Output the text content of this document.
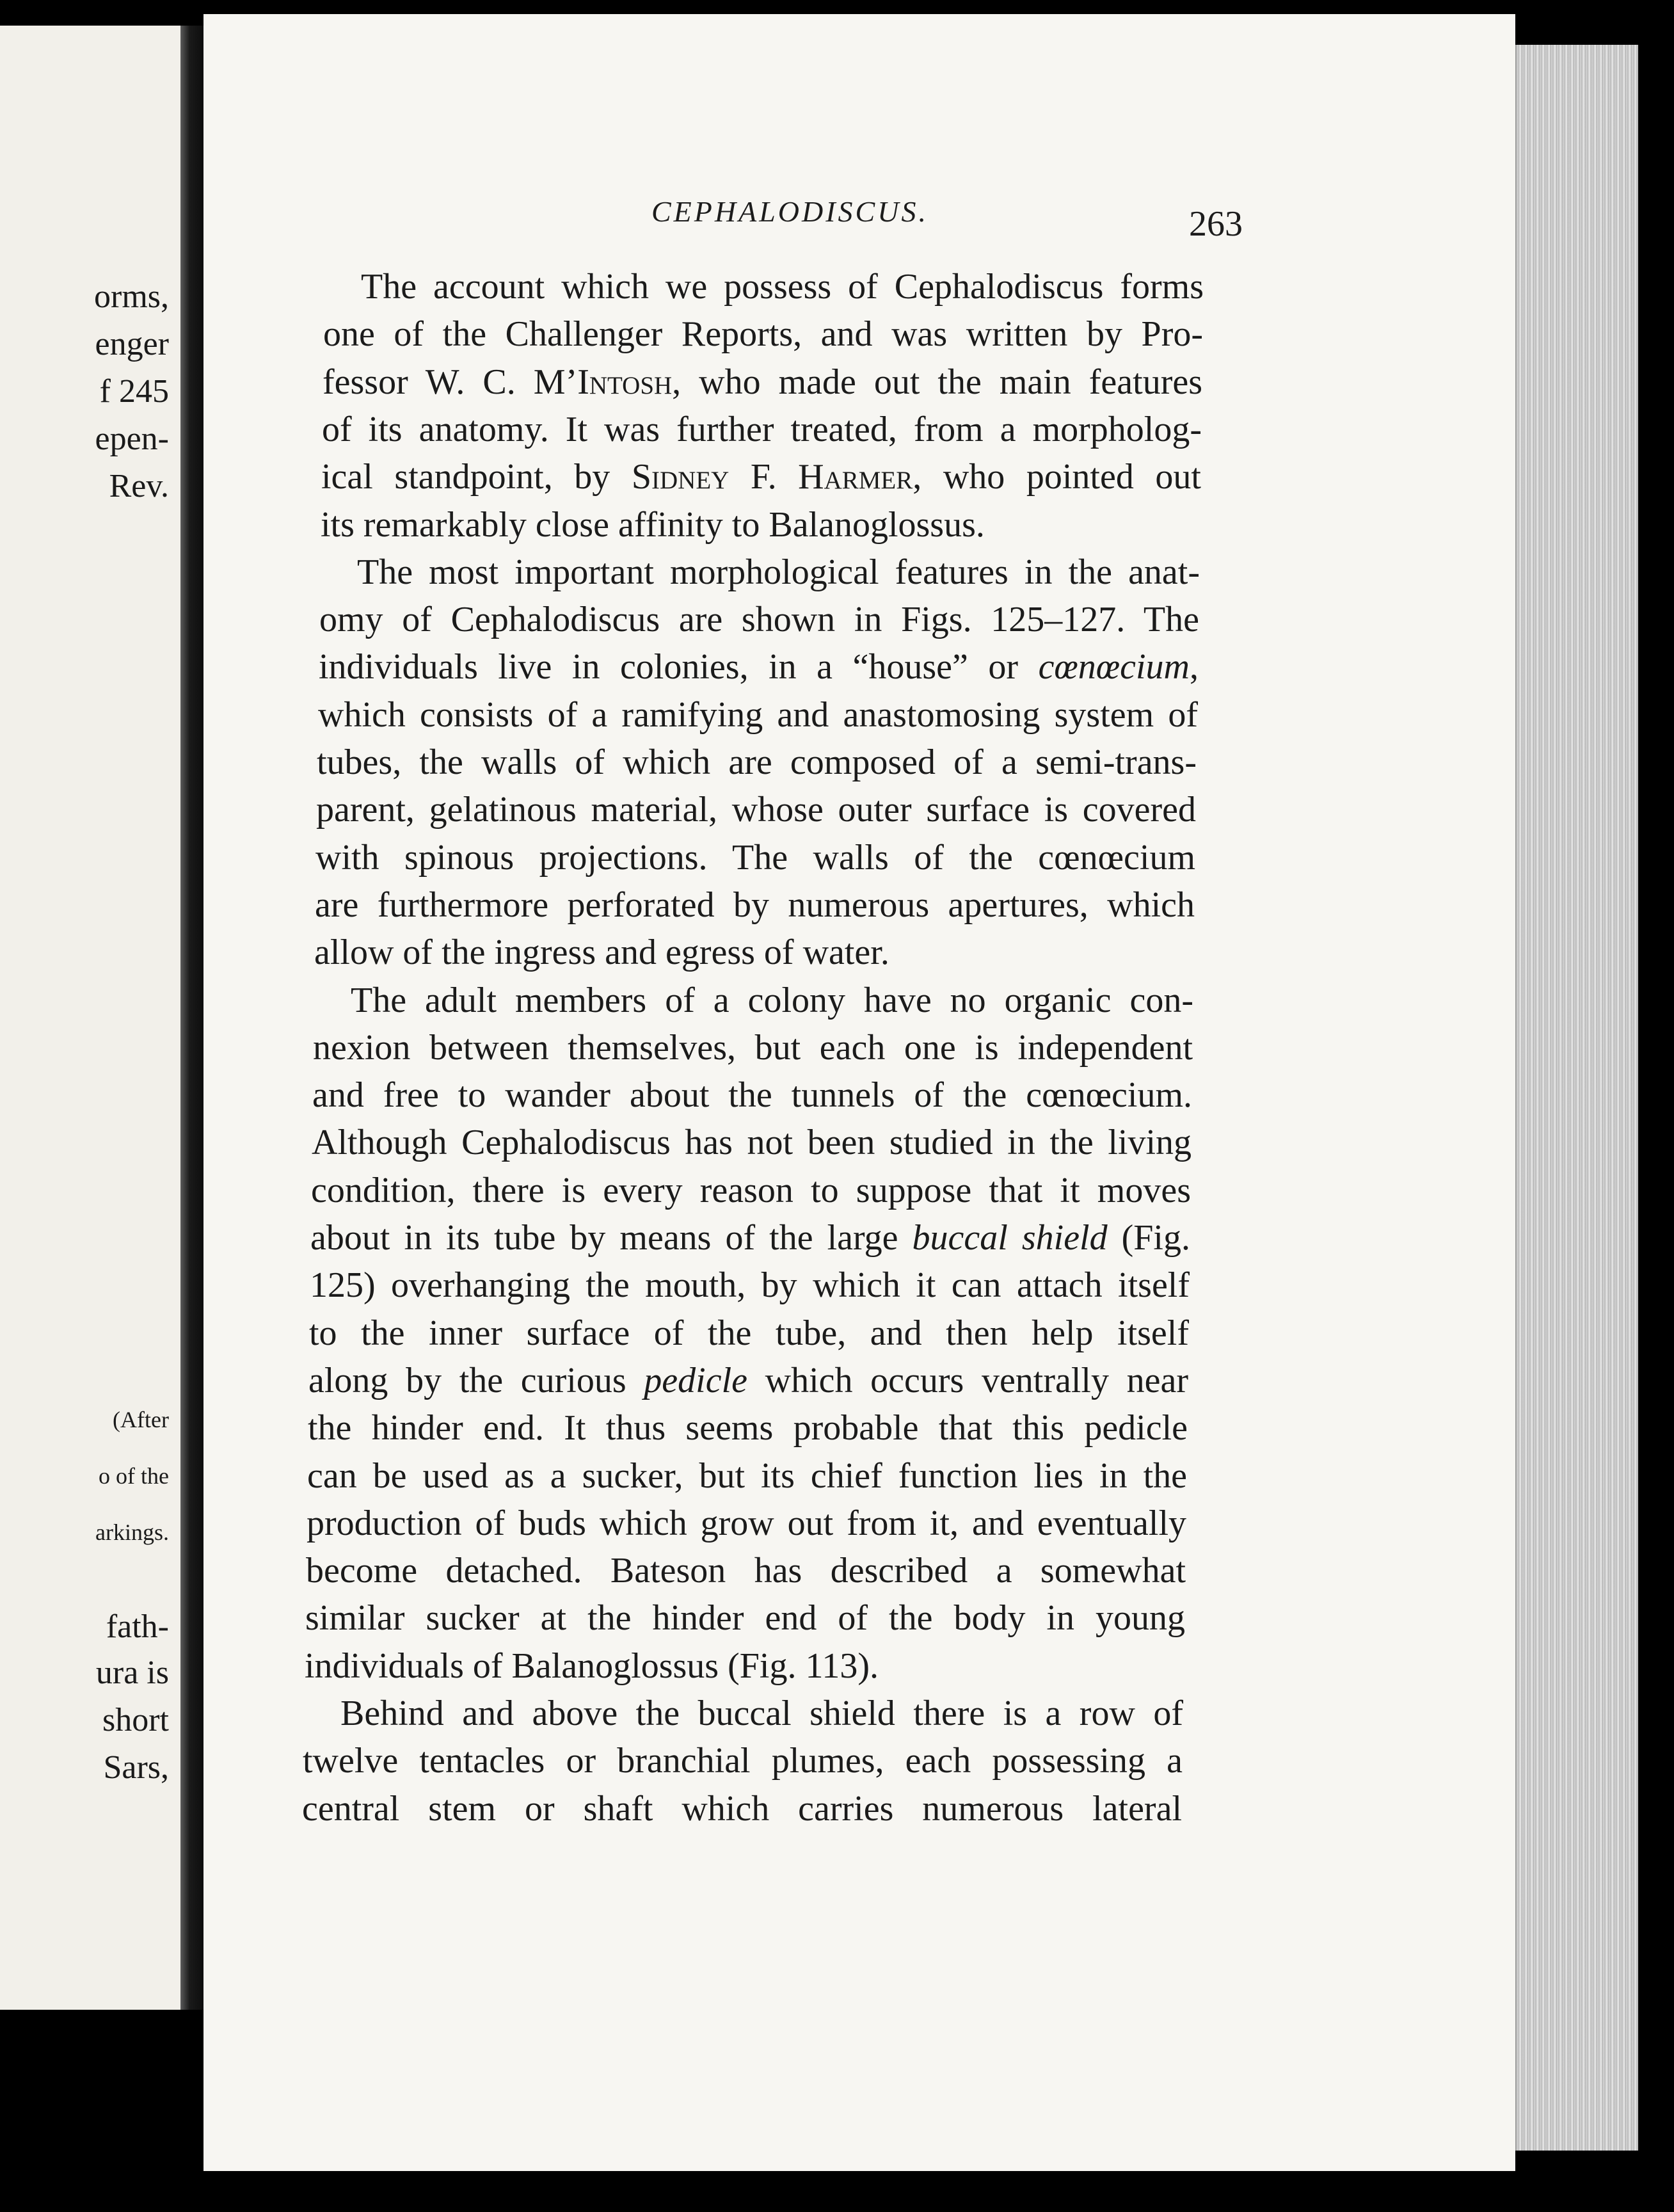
orms,
enger
f 245
epen-
Rev.
(After
o of the
arkings.
fath-
ura is
short
Sars,
CEPHALODISCUS.	263
The account which we possess of Cephalodiscus forms
one of the Challenger Reports, and was written by Pro-
fessor W. C. M’Intosh, who made out the main features
of its anatomy. It was further treated, from a morpholog-
ical standpoint, by Sidney F. Harmer, who pointed out
its remarkably close affinity to Balanoglossus.
The most important morphological features in the anat-
omy of Cephalodiscus are shown in Figs. 125–127. The
individuals live in colonies, in a “house” or cœnœcium,
which consists of a ramifying and anastomosing system of
tubes, the walls of which are composed of a semi-trans-
parent, gelatinous material, whose outer surface is covered
with spinous projections. The walls of the cœnœcium
are furthermore perforated by numerous apertures, which
allow of the ingress and egress of water.
The adult members of a colony have no organic con-
nexion between themselves, but each one is independent
and free to wander about the tunnels of the cœnœcium.
Although Cephalodiscus has not been studied in the living
condition, there is every reason to suppose that it moves
about in its tube by means of the large buccal shield (Fig.
125) overhanging the mouth, by which it can attach itself
to the inner surface of the tube, and then help itself
along by the curious pedicle which occurs ventrally near
the hinder end. It thus seems probable that this pedicle
can be used as a sucker, but its chief function lies in the
production of buds which grow out from it, and eventually
become detached. Bateson has described a somewhat
similar sucker at the hinder end of the body in young
individuals of Balanoglossus (Fig. 113).
Behind and above the buccal shield there is a row of
twelve tentacles or branchial plumes, each possessing a
central stem or shaft which carries numerous lateral
